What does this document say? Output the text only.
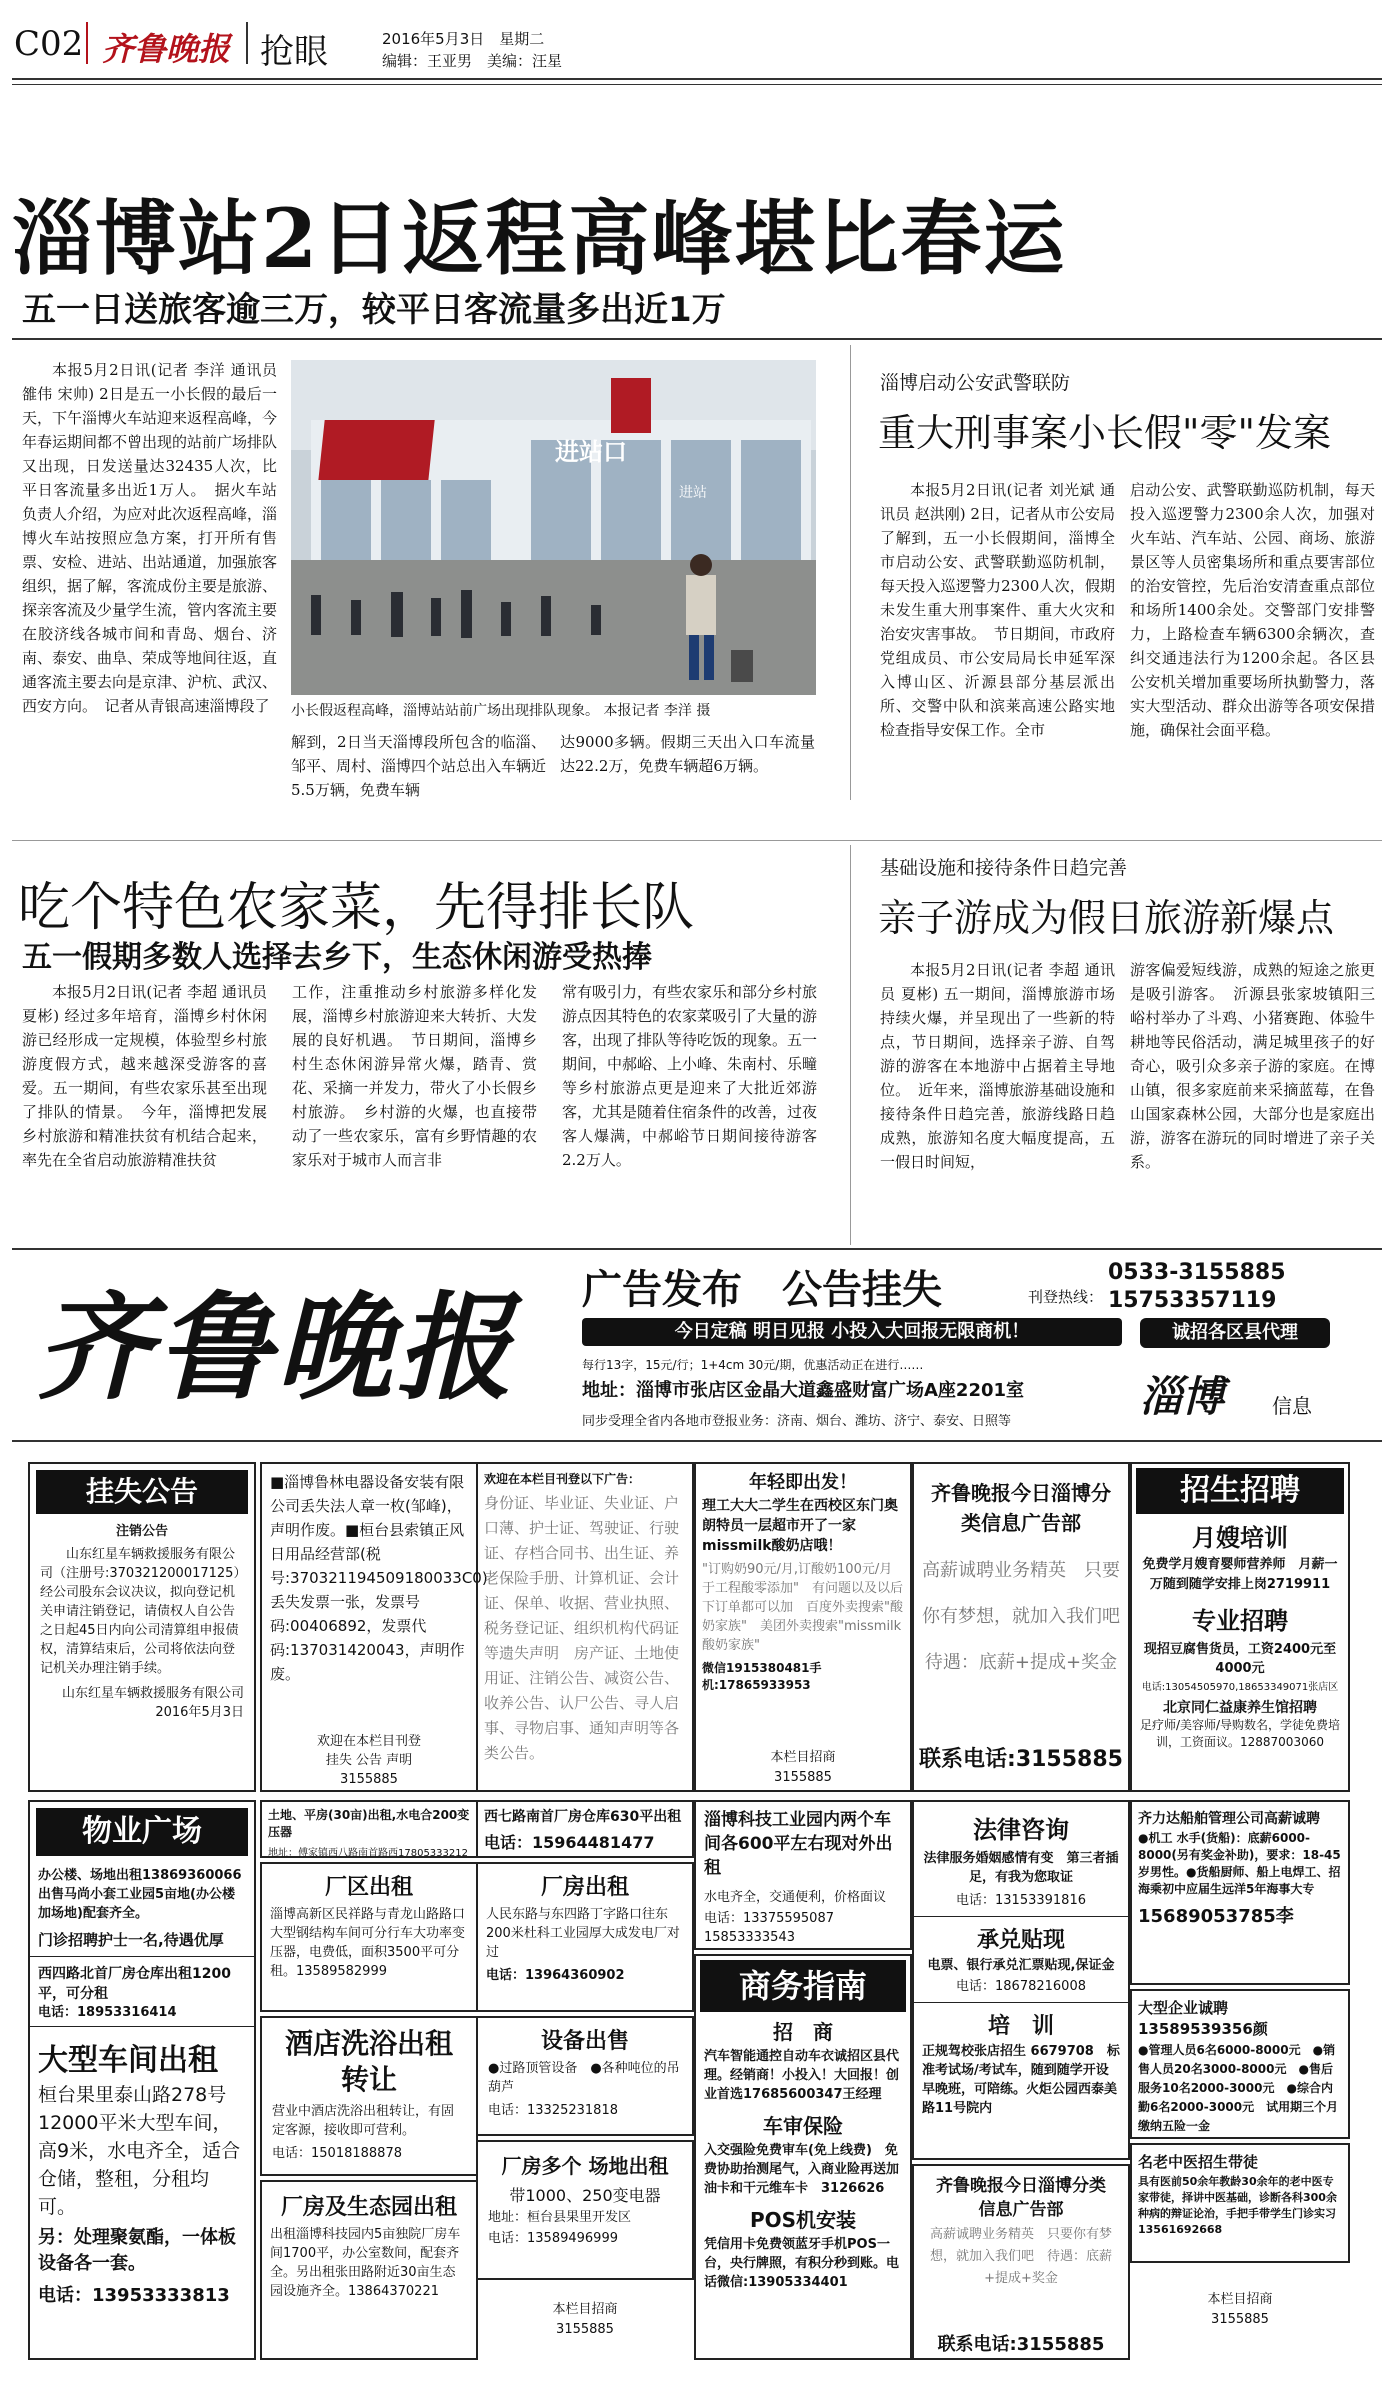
C02 齐鲁晚报 抢眼	2016年5月3日　星期二
编辑：王亚男　美编：汪星
淄博站2日返程高峰堪比春运
五一日送旅客逾三万，较平日客流量多出近1万
本报5月2日讯(记者 李洋 通讯员 雒伟 宋帅) 2日是五一小长假的最后一天，下午淄博火车站迎来返程高峰，今年春运期间都不曾出现的站前广场排队又出现，日发送量达32435人次，比平日客流量多出近1万人。　据火车站负责人介绍，为应对此次返程高峰，淄博火车站按照应急方案，打开所有售票、安检、进站、出站通道，加强旅客组织，据了解，客流成份主要是旅游、探亲客流及少量学生流，管内客流主要在胶济线各城市间和青岛、烟台、济南、泰安、曲阜、荣成等地间往返，直通客流主要去向是京津、沪杭、武汉、西安方向。　记者从青银高速淄博段了
进站口
进站
小长假返程高峰，淄博站站前广场出现排队现象。 本报记者 李洋 摄
解到，2日当天淄博段所包含的临淄、邹平、周村、淄博四个站总出入车辆近5.5万辆，免费车辆
达9000多辆。假期三天出入口车流量达22.2万，免费车辆超6万辆。
淄博启动公安武警联防
重大刑事案小长假"零"发案
本报5月2日讯(记者 刘光斌 通讯员 赵洪刚) 2日，记者从市公安局了解到，五一小长假期间，淄博全市启动公安、武警联勤巡防机制，每天投入巡逻警力2300人次，假期未发生重大刑事案件、重大火灾和治安灾害事故。　节日期间，市政府党组成员、市公安局局长申延军深入博山区、沂源县部分基层派出所、交警中队和滨莱高速公路实地检查指导安保工作。全市
启动公安、武警联勤巡防机制，每天投入巡逻警力2300余人次，加强对火车站、汽车站、公园、商场、旅游景区等人员密集场所和重点要害部位的治安管控，先后治安清查重点部位和场所1400余处。交警部门安排警力，上路检查车辆6300余辆次，查纠交通违法行为1200余起。各区县公安机关增加重要场所执勤警力，落实大型活动、群众出游等各项安保措施，确保社会面平稳。
吃个特色农家菜，先得排长队
五一假期多数人选择去乡下，生态休闲游受热捧
本报5月2日讯(记者 李超 通讯员 夏彬) 经过多年培育，淄博乡村休闲游已经形成一定规模，体验型乡村旅游度假方式，越来越深受游客的喜爱。五一期间，有些农家乐甚至出现了排队的情景。　今年，淄博把发展乡村旅游和精准扶贫有机结合起来，率先在全省启动旅游精准扶贫
工作，注重推动乡村旅游多样化发展，淄博乡村旅游迎来大转折、大发展的良好机遇。　节日期间，淄博乡村生态休闲游异常火爆，踏青、赏花、采摘一并发力，带火了小长假乡村旅游。　乡村游的火爆，也直接带动了一些农家乐，富有乡野情趣的农家乐对于城市人而言非
常有吸引力，有些农家乐和部分乡村旅游点因其特色的农家菜吸引了大量的游客，出现了排队等待吃饭的现象。五一期间，中郝峪、上小峰、朱南村、乐疃等乡村旅游点更是迎来了大批近郊游客，尤其是随着住宿条件的改善，过夜客人爆满，中郝峪节日期间接待游客2.2万人。
基础设施和接待条件日趋完善
亲子游成为假日旅游新爆点
本报5月2日讯(记者 李超 通讯员 夏彬) 五一期间，淄博旅游市场持续火爆，并呈现出了一些新的特点，节日期间，选择亲子游、自驾游的游客在本地游中占据着主导地位。　近年来，淄博旅游基础设施和接待条件日趋完善，旅游线路日趋成熟，旅游知名度大幅度提高，五一假日时间短，
游客偏爱短线游，成熟的短途之旅更是吸引游客。　沂源县张家坡镇阳三峪村举办了斗鸡、小猪赛跑、体验牛耕地等民俗活动，满足城里孩子的好奇心，吸引众多亲子游的家庭。在博山镇，很多家庭前来采摘蓝莓，在鲁山国家森林公园，大部分也是家庭出游，游客在游玩的同时增进了亲子关系。
齐鲁晚报 广告发布　公告挂失	刊登热线：
0533-3155885
15753357119
今日定稿 明日见报 小投入大回报无限商机！	诚招各区县代理
每行13字，15元/行；1+4cm 30元/期，优惠活动正在进行……
地址：淄博市张店区金晶大道鑫盛财富广场A座2201室
同步受理全省内各地市登报业务：济南、烟台、潍坊、济宁、泰安、日照等
淄博 信息
挂失公告
注销公告
山东红星车辆救援服务有限公司（注册号:370321200017125）经公司股东会议决议，拟向登记机关申请注销登记，请债权人自公告之日起45日内向公司清算组申报债权，清算结束后，公司将依法向登记机关办理注销手续。
山东红星车辆救援服务有限公司
2016年5月3日
■淄博鲁林电器设备安装有限公司丢失法人章一枚(邹峰)，声明作废。■桓台县索镇正风日用品经营部(税号:370321194509180033C0)丢失发票一张，发票号码:00406892，发票代码:137031420043，声明作废。
欢迎在本栏目刊登
挂失 公告 声明
3155885
欢迎在本栏目刊登以下广告：
身份证、毕业证、失业证、户口薄、护士证、驾驶证、行驶证、存档合同书、出生证、养老保险手册、计算机证、会计证、保单、收据、营业执照、税务登记证、组织机构代码证等遗失声明　房产证、土地使用证、注销公告、减资公告、收养公告、认尸公告、寻人启事、寻物启事、通知声明等各类公告。
年轻即出发！
理工大大二学生在西校区东门奥朗特员一层超市开了一家missmilk酸奶店哦！
"订购奶90元/月,订酸奶100元/月于工程酸零添加"　有问题以及以后下订单都可以加　百度外卖搜索"酸奶家族"　美团外卖搜索"missmilk酸奶家族"
微信1915380481手机:17865933953
本栏目招商
3155885
齐鲁晚报今日淄博分类信息广告部
高薪诚聘业务精英　只要你有梦想，就加入我们吧　待遇：底薪+提成+奖金
联系电话:3155885
招生招聘
月嫂培训
免费学月嫂育婴师营养师　月薪一万随到随学安排上岗2719911
专业招聘
现招豆腐售货员，工资2400元至4000元
电话:13054505970,18653349071张店区
北京同仁益康养生馆招聘
足疗师/美容师/导购数名，学徒免费培训，工资面议。12887003060
物业广场
办公楼、场地出租13869360066　出售马尚小套工业园5亩地(办公楼加场地)配套齐全。
门诊招聘护士一名,待遇优厚
西四路北首厂房仓库出租1200平，可分租
电话：18953316414
大型车间出租
桓台果里泰山路278号12000平米大型车间，高9米，水电齐全，适合仓储，整租，分租均可。
另：处理聚氨酯，一体板设备各一套。
电话：13953333813
土地、平房(30亩)出租,水电合200变压器
地址：傅家镇西八路南首路西17805333212
厂区出租
淄博高新区民祥路与青龙山路路口大型钢结构车间可分行车大功率变压器，电费低，面积3500平可分租。13589582999
酒店洗浴出租转让
营业中酒店洗浴出租转让，有固定客源，接收即可营利。
电话：15018188878
厂房及生态园出租
出租淄博科技园内5亩独院厂房车间1700平，办公室数间，配套齐全。另出租张田路附近30亩生态园设施齐全。13864370221
西七路南首厂房仓库630平出租
电话：15964481477
厂房出租
人民东路与东四路丁字路口往东200米杜科工业园厚大成发电厂对过
电话：13964360902
设备出售
●过路顶管设备　●各种吨位的吊葫芦
电话：13325231818
厂房多个 场地出租
带1000、250变电器
地址：桓台县果里开发区
电话：13589496999
本栏目招商
3155885
淄博科技工业园内两个车间各600平左右现对外出租
水电齐全，交通便利，价格面议
电话：13375595087 15853333543
商务指南
招　商
汽车智能通控自动车衣诚招区县代理。经销商！小投入！大回报！创业首选17685600347王经理
车审保险
入交强险免费审车(免上线费)　免费协助抬测尾气，入商业险再送加油卡和干元维车卡　3126626
POS机安装
凭信用卡免费领蓝牙手机POS一台，央行牌照，有积分秒到账。电话微信:13905334401
法律咨询
法律服务婚姻感情有变　第三者插足，有我为您取证
电话：13153391816
承兑贴现
电票、银行承兑汇票贴现,保证金
电话：18678216008
培　训
正规驾校张店招生 6679708　标准考试场/考试车，随到随学开设早晚班，可陪练。火炬公园西泰美路11号院内
齐鲁晚报今日淄博分类信息广告部
高薪诚聘业务精英　只要你有梦想，就加入我们吧　待遇：底薪+提成+奖金
联系电话:3155885
齐力达船舶管理公司高薪诚聘
●机工 水手(货船)：底薪6000-8000(另有奖金补助)，要求：18-45岁男性。●货船厨师、船上电焊工、招海乘初中应届生远洋5年海事大专
15689053785李
大型企业诚聘13589539356颜
●管理人员6名6000-8000元　●销售人员20名3000-8000元　●售后服务10名2000-3000元　●综合内勤6名2000-3000元　试用期三个月缴纳五险一金
名老中医招生带徒
具有医前50余年教龄30余年的老中医专家带徒，择讲中医基础，诊断各科300余种病的辩证论治，手把手带学生门诊实习13561692668
本栏目招商
3155885
